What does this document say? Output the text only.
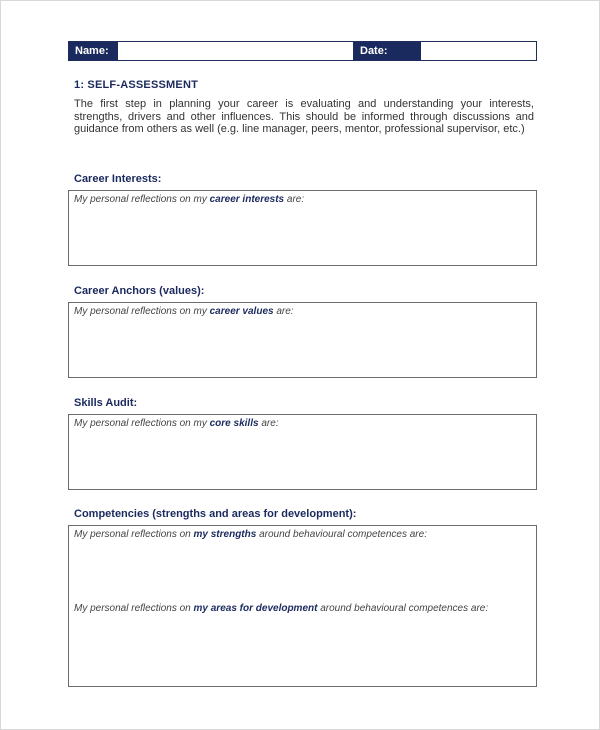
Name:	Date:
1: SELF-ASSESSMENT

The first step in planning your career is evaluating and understanding your interests, strengths, drivers and other influences. This should be informed through discussions and guidance from others as well (e.g. line manager, peers, mentor, professional supervisor, etc.)

Career Interests:
My personal reflections on my career interests are:
Career Anchors (values):
My personal reflections on my career values are:
Skills Audit:
My personal reflections on my core skills are:
Competencies (strengths and areas for development):
My personal reflections on my strengths around behavioural competences are:
My personal reflections on my areas for development around behavioural competences are:
